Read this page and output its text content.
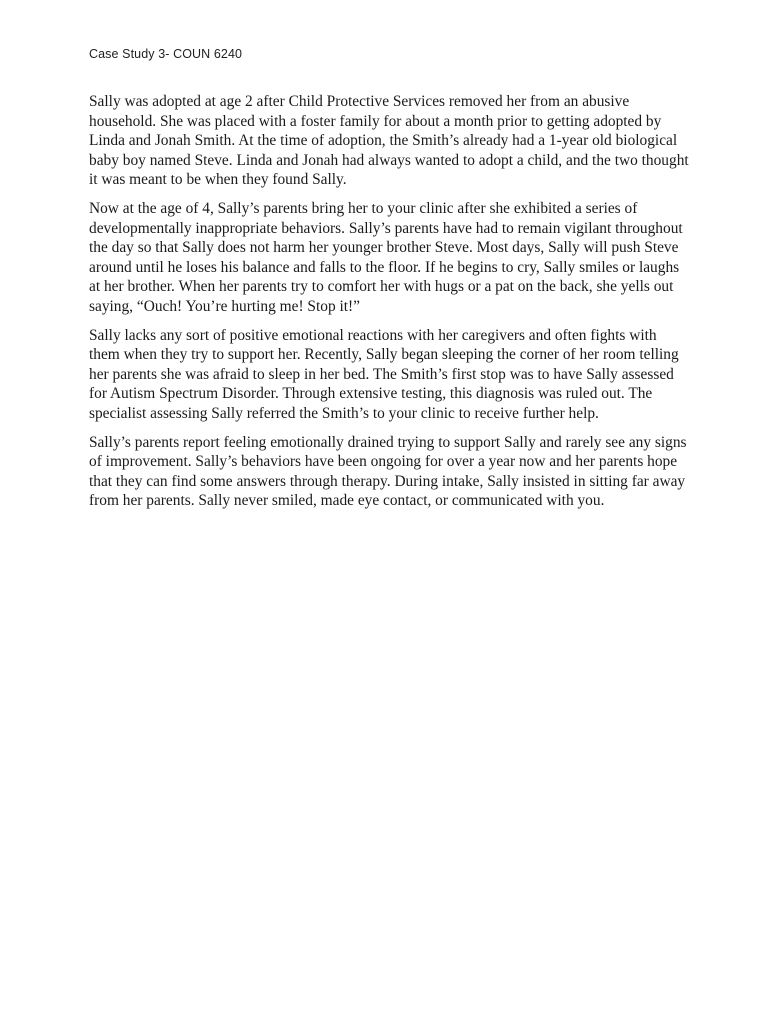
Case Study 3- COUN 6240

Sally was adopted at age 2 after Child Protective Services removed her from an abusive
household. She was placed with a foster family for about a month prior to getting adopted by
Linda and Jonah Smith. At the time of adoption, the Smith’s already had a 1-year old biological
baby boy named Steve. Linda and Jonah had always wanted to adopt a child, and the two thought
it was meant to be when they found Sally.

Now at the age of 4, Sally’s parents bring her to your clinic after she exhibited a series of
developmentally inappropriate behaviors. Sally’s parents have had to remain vigilant throughout
the day so that Sally does not harm her younger brother Steve. Most days, Sally will push Steve
around until he loses his balance and falls to the floor. If he begins to cry, Sally smiles or laughs
at her brother. When her parents try to comfort her with hugs or a pat on the back, she yells out
saying, “Ouch! You’re hurting me! Stop it!”

Sally lacks any sort of positive emotional reactions with her caregivers and often fights with
them when they try to support her. Recently, Sally began sleeping the corner of her room telling
her parents she was afraid to sleep in her bed. The Smith’s first stop was to have Sally assessed
for Autism Spectrum Disorder. Through extensive testing, this diagnosis was ruled out. The
specialist assessing Sally referred the Smith’s to your clinic to receive further help.

Sally’s parents report feeling emotionally drained trying to support Sally and rarely see any signs
of improvement. Sally’s behaviors have been ongoing for over a year now and her parents hope
that they can find some answers through therapy. During intake, Sally insisted in sitting far away
from her parents. Sally never smiled, made eye contact, or communicated with you.
